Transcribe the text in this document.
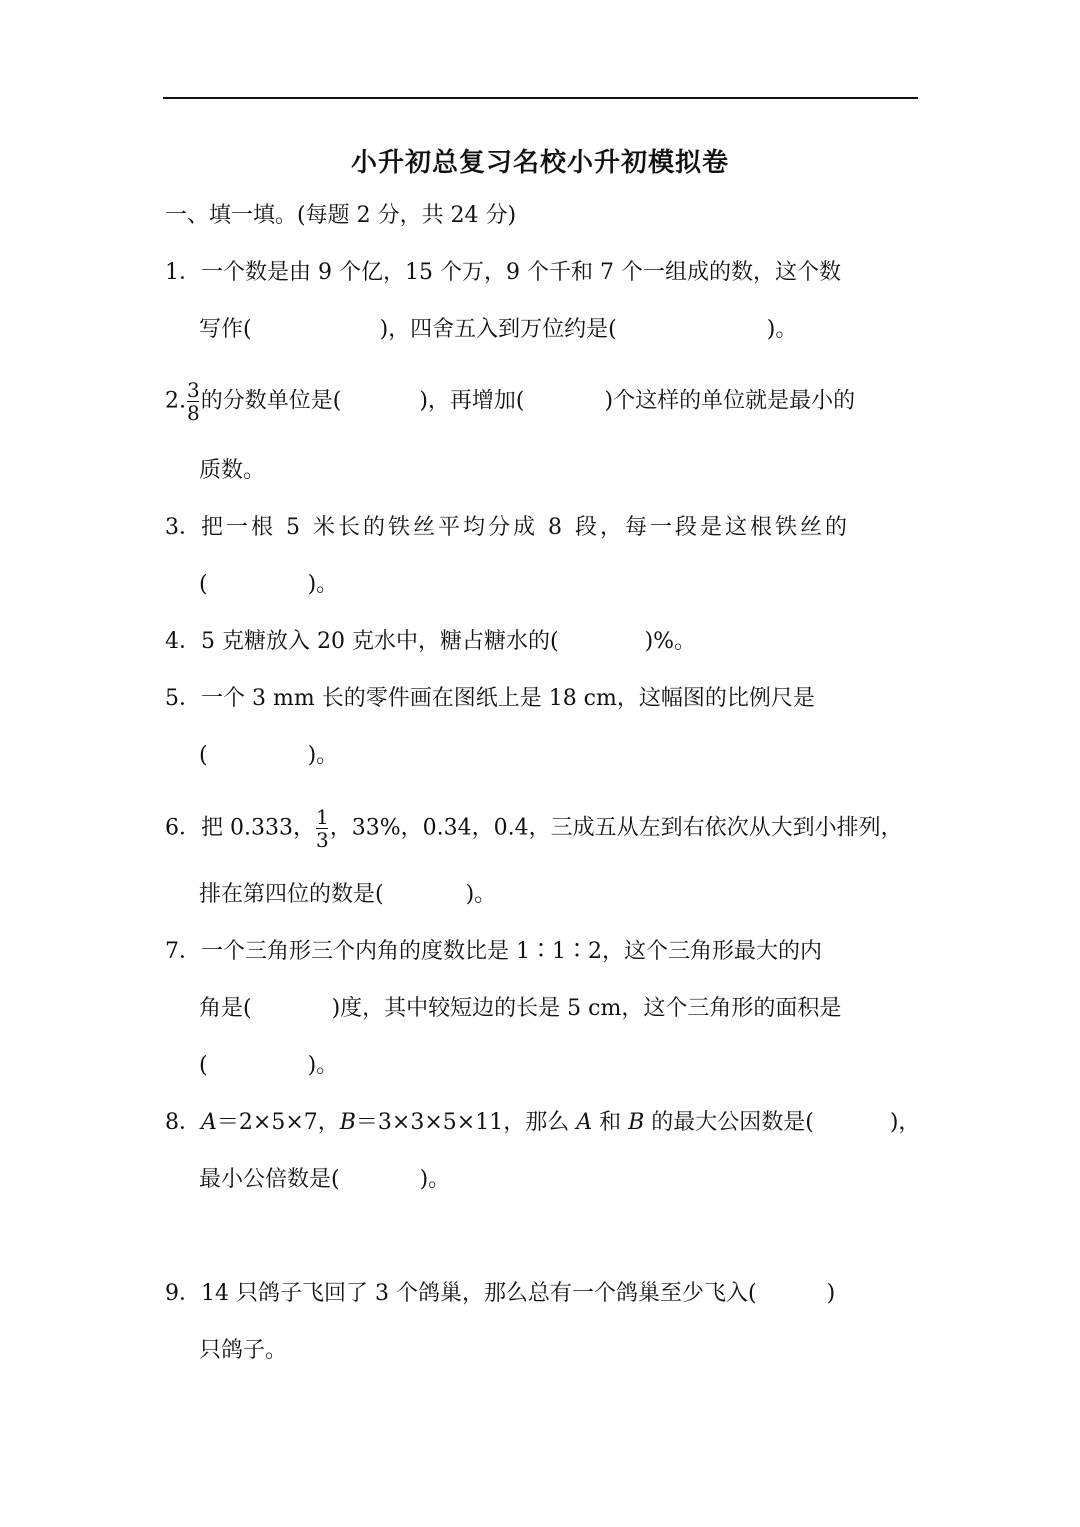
小升初总复习名校小升初模拟卷
一、填一填。(每题 2 分，共 24 分)
1．一个数是由 9 个亿，15 个万，9 个千和 7 个一组成的数，这个数
写作(	)，四舍五入到万位约是(	)。
2. $\frac{3}{8}$ 的分数单位是(	)，再增加(	)个这样的单位就是最小的
质数。
3．把一根 5 米长的铁丝平均分成 8 段，每一段是这根铁丝的
(	)。
4．5 克糖放入 20 克水中，糖占糖水的(	)%。
5．一个 3 mm 长的零件画在图纸上是 18 cm，这幅图的比例尺是
(	)。
6．把 0.333， $\frac{1}{3}$ ，33%，0.34，0.4，三成五从左到右依次从大到小排列，
排在第四位的数是(	)。
7．一个三角形三个内角的度数比是 1∶1∶2，这个三角形最大的内
角是(	)度，其中较短边的长是 5 cm，这个三角形的面积是
(	)。
8．A＝2×5×7，B＝3×3×5×11，那么 A 和 B 的最大公因数是(	)，
最小公倍数是(	)。
9．14 只鸽子飞回了 3 个鸽巢，那么总有一个鸽巢至少飞入(	)
只鸽子。
